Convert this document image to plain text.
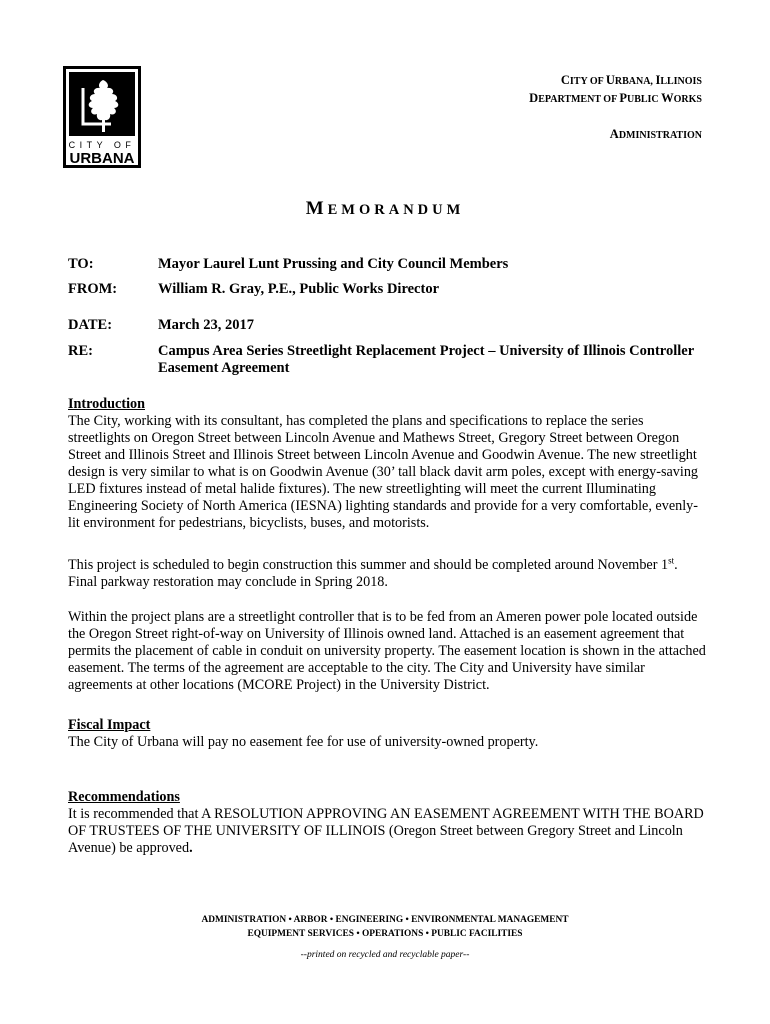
CITY OF
URBANA
CITY OF URBANA, ILLINOIS
DEPARTMENT OF PUBLIC WORKS
ADMINISTRATION
MEMORANDUM
TO:	Mayor Laurel Lunt Prussing and City Council Members
FROM:	William R. Gray, P.E., Public Works Director
DATE:	March 23, 2017
RE:	Campus Area Series Streetlight Replacement Project – University of Illinois Controller Easement Agreement
Introduction

The City, working with its consultant, has completed the plans and specifications to replace the series streetlights on Oregon Street between Lincoln Avenue and Mathews Street, Gregory Street between Oregon Street and Illinois Street and Illinois Street between Lincoln Avenue and Goodwin Avenue. The new streetlight design is very similar to what is on Goodwin Avenue (30’ tall black davit arm poles, except with energy-saving LED fixtures instead of metal halide fixtures). The new streetlighting will meet the current Illuminating Engineering Society of North America (IESNA) lighting standards and provide for a very comfortable, evenly-lit environment for pedestrians, bicyclists, buses, and motorists.

This project is scheduled to begin construction this summer and should be completed around November 1st. Final parkway restoration may conclude in Spring 2018.

Within the project plans are a streetlight controller that is to be fed from an Ameren power pole located outside the Oregon Street right-of-way on University of Illinois owned land. Attached is an easement agreement that permits the placement of cable in conduit on university property. The easement location is shown in the attached easement. The terms of the agreement are acceptable to the city. The City and University have similar agreements at other locations (MCORE Project) in the University District.

Fiscal Impact

The City of Urbana will pay no easement fee for use of university-owned property.

Recommendations

It is recommended that A RESOLUTION APPROVING AN EASEMENT AGREEMENT WITH THE BOARD OF TRUSTEES OF THE UNIVERSITY OF ILLINOIS (Oregon Street between Gregory Street and Lincoln Avenue) be approved.

ADMINISTRATION • ARBOR • ENGINEERING • ENVIRONMENTAL MANAGEMENT
EQUIPMENT SERVICES • OPERATIONS • PUBLIC FACILITIES
--printed on recycled and recyclable paper--
